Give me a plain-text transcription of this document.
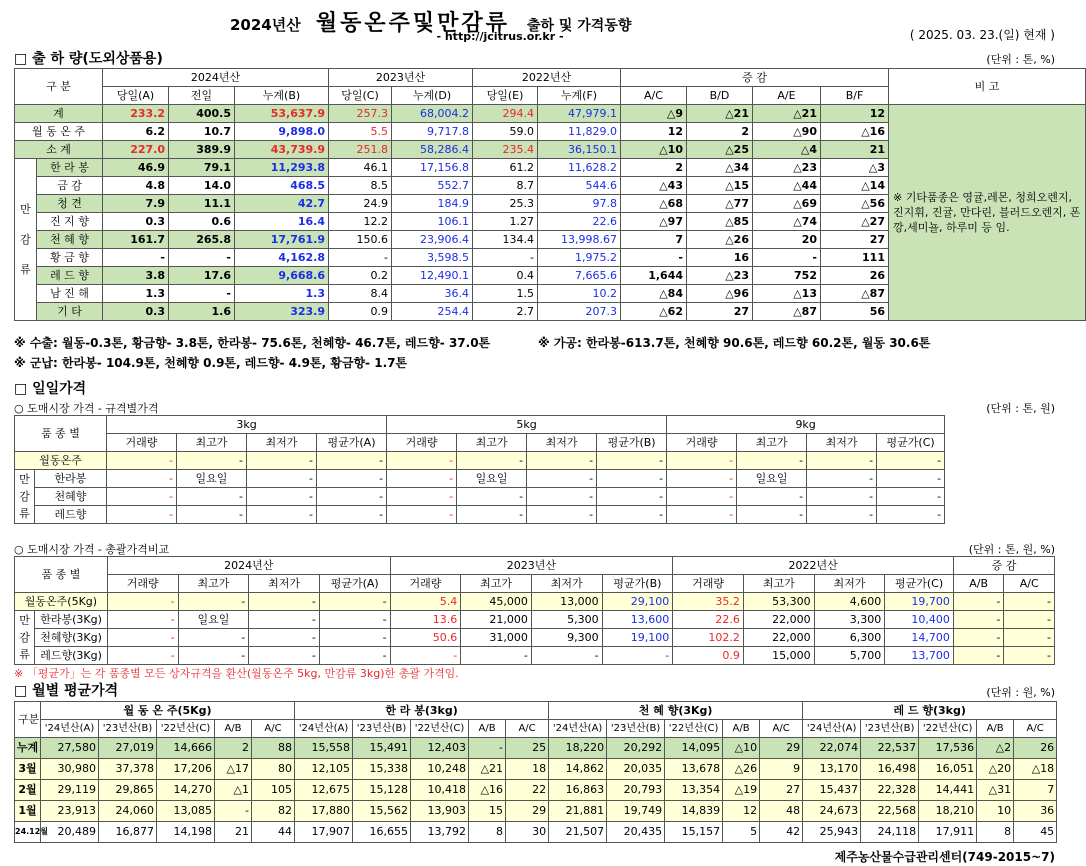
2024년산 월동온주및만감류 출하 및 가격동향
- http://jcitrus.or.kr -	( 2025. 03. 23.(일) 현재 )
□ 출 하 량(도외상품용)	(단위 : 톤, %)
구 분		2024년산			2023년산		2022년산		증 감				비 고
		당일(A)	전일	누계(B)	당일(C)	누계(D)	당일(E)	누계(F)	A/C	B/D	A/E	B/F	
계		233.2	400.5	53,637.9	257.3	68,004.2	294.4	47,979.1	△9	△21	△21	12	※ 기타품종은 영귤,레몬, 청희오렌지, 진지휘, 진귤, 만다린, 블러드오렌지, 폰깡,세미뇰, 하루미 등 임.
월 동 온 주		6.2	10.7	9,898.0	5.5	9,717.8	59.0	11,829.0	12	2	△90	△16	
소 계		227.0	389.9	43,739.9	251.8	58,286.4	235.4	36,150.1	△10	△25	△4	21	

만
감
류	한 라 봉	46.9	79.1	11,293.8	46.1	17,156.8	61.2	11,628.2	2	△34	△23	△3	
	금 감	4.8	14.0	468.5	8.5	552.7	8.7	544.6	△43	△15	△44	△14	
	청 견	7.9	11.1	42.7	24.9	184.9	25.3	97.8	△68	△77	△69	△56	
	진 지 향	0.3	0.6	16.4	12.2	106.1	1.27	22.6	△97	△85	△74	△27	
	천 혜 향	161.7	265.8	17,761.9	150.6	23,906.4	134.4	13,998.67	7	△26	20	27	
	황 금 향	-	-	4,162.8	-	3,598.5	-	1,975.2	-	16	-	111	
	레 드 향	3.8	17.6	9,668.6	0.2	12,490.1	0.4	7,665.6	1,644	△23	752	26	
	남 진 해	1.3	-	1.3	8.4	36.4	1.5	10.2	△84	△96	△13	△87	
	기 타	0.3	1.6	323.9	0.9	254.4	2.7	207.3	△62	27	△87	56	
※ 수출: 월동-0.3톤, 황금향- 3.8톤, 한라봉- 75.6톤, 천혜향- 46.7톤, 레드향- 37.0톤	※ 가공: 한라봉-613.7톤, 천혜향 90.6톤, 레드향 60.2톤, 월동 30.6톤
※ 군납: 한라봉- 104.9톤, 천혜향 0.9톤, 레드향- 4.9톤, 황금향- 1.7톤
□ 일일가격
○ 도매시장 가격 - 규격별가격	(단위 : 톤, 원)
품 종 별		3kg				5kg				9kg			
		거래량	최고가	최저가	평균가(A)	거래량	최고가	최저가	평균가(B)	거래량	최고가	최저가	평균가(C)
월동온주		-	-	-	-	-	-	-	-	-	-	-	-

만
감
류	한라봉	-	일요일	-	-	-	일요일	-	-	-	일요일	-	-
	천혜향	-	-	-	-	-	-	-	-	-	-	-	-
	레드향	-	-	-	-	-	-	-	-	-	-	-	-
○ 도매시장 가격 - 총괄가격비교	(단위 : 톤, 원, %)
품 종 별		2024년산				2023년산				2022년산				증 감	
		거래량	최고가	최저가	평균가(A)	거래량	최고가	최저가	평균가(B)	거래량	최고가	최저가	평균가(C)	A/B	A/C
월동온주(5Kg)		-	-	-	-	5.4	45,000	13,000	29,100	35.2	53,300	4,600	19,700	-	-

만
감
류	한라봉(3Kg)	-	일요일	-	-	13.6	21,000	5,300	13,600	22.6	22,000	3,300	10,400	-	-
	천혜향(3Kg)	-	-	-	-	50.6	31,000	9,300	19,100	102.2	22,000	6,300	14,700	-	-
	레드향(3Kg)	-	-	-	-	-	-	-	-	0.9	15,000	5,700	13,700	-	-
※ 「평균가」는 각 품종별 모든 상자규격을 환산(월동온주 5kg, 만감류 3kg)한 총괄 가격임.
□ 월별 평균가격	(단위 : 원, %)
구분	월 동 온 주(5Kg)					한 라 봉(3kg)					천 혜 향(3Kg)					레 드 향(3kg)				
	'24년산(A)	'23년산(B)	'22년산(C)	A/B	A/C	'24년산(A)	'23년산(B)	'22년산(C)	A/B	A/C	'24년산(A)	'23년산(B)	'22년산(C)	A/B	A/C	'24년산(A)	'23년산(B)	'22년산(C)	A/B	A/C
누계	27,580	27,019	14,666	2	88	15,558	15,491	12,403	-	25	18,220	20,292	14,095	△10	29	22,074	22,537	17,536	△2	26
3월	30,980	37,378	17,206	△17	80	12,105	15,338	10,248	△21	18	14,862	20,035	13,678	△26	9	13,170	16,498	16,051	△20	△18
2월	29,119	29,865	14,270	△1	105	12,675	15,128	10,418	△16	22	16,863	20,793	13,354	△19	27	15,437	22,328	14,441	△31	7
1월	23,913	24,060	13,085	-	82	17,880	15,562	13,903	15	29	21,881	19,749	14,839	12	48	24,673	22,568	18,210	10	36
24.12월	20,489	16,877	14,198	21	44	17,907	16,655	13,792	8	30	21,507	20,435	15,157	5	42	25,943	24,118	17,911	8	45
제주농산물수급관리센터(749-2015~7)
